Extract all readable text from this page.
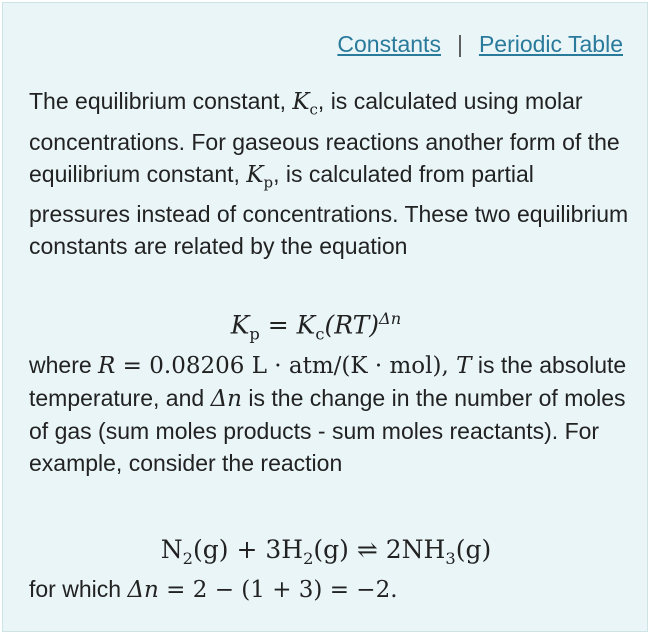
Constants | Periodic Table

The equilibrium constant, $K_c$, is calculated using molar concentrations. For gaseous reactions another form of the equilibrium constant, $K_p$, is calculated from partial pressures instead of concentrations. These two equilibrium constants are related by the equation

$K_p = K_c(RT)^{\Delta n}$

where R = 0.08206 L · atm/(K · mol), T is the absolute temperature, and Δn is the change in the number of moles of gas (sum moles products - sum moles reactants). For example, consider the reaction

$N_2(g) + 3H_2(g)$ ⇌ $2NH_3(g)$

for which Δn = 2 − (1 + 3) = −2.
